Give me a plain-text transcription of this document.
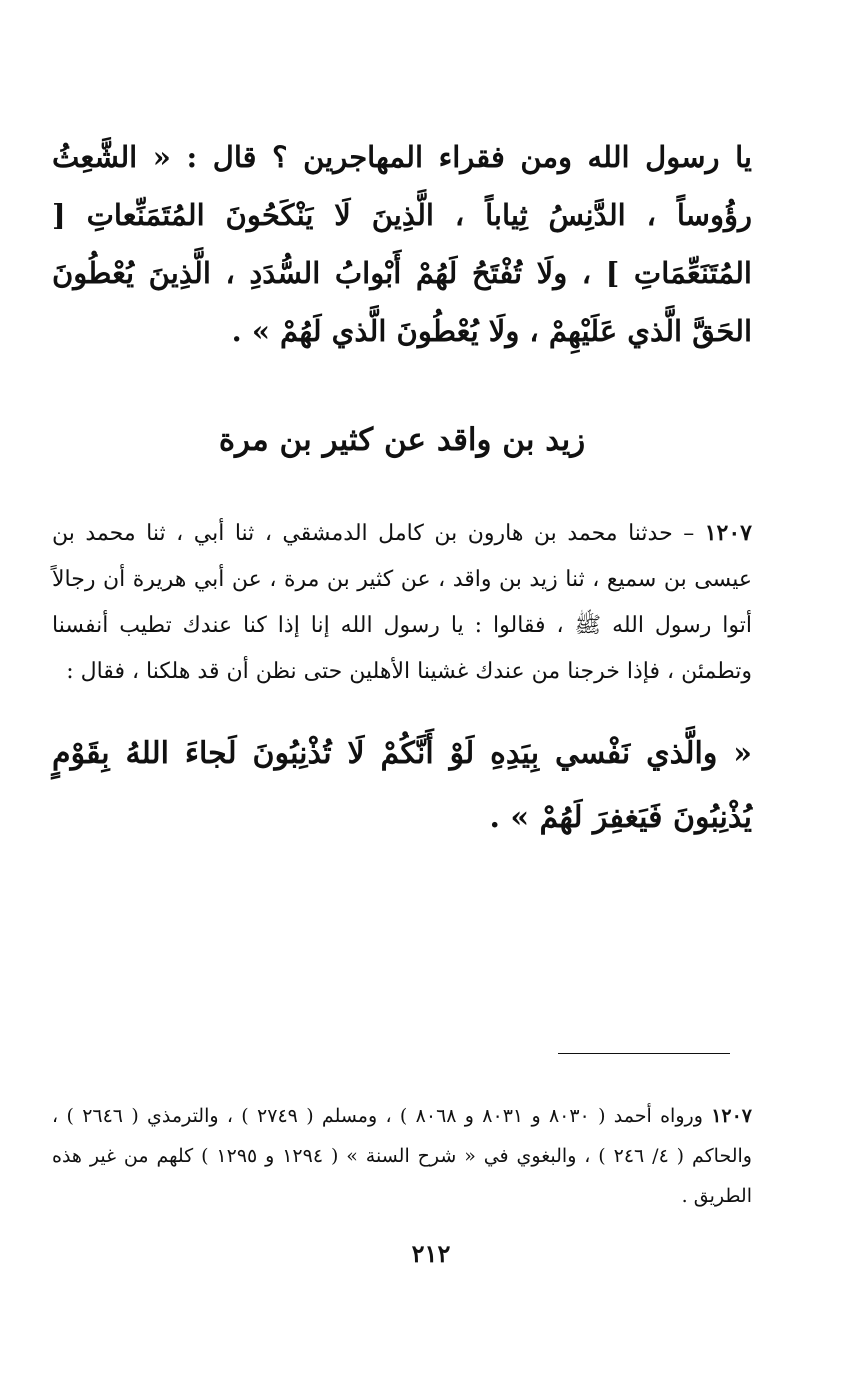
يا رسول الله ومن فقراء المهاجرين ؟ قال : « الشَّعِثُ رؤُوساً ، الدَّنِسُ ثِياباً ، الَّذِينَ لَا يَنْكَحُونَ المُتَمَنِّعاتِ [ المُتَنَعِّمَاتِ ] ، ولَا تُفْتَحُ لَهُمْ أَبْوابُ السُّدَدِ ، الَّذِينَ يُعْطُونَ الحَقَّ الَّذي عَلَيْهِمْ ، ولَا يُعْطُونَ الَّذي لَهُمْ » .
زيد بن واقد عن كثير بن مرة
١٢٠٧ – حدثنا محمد بن هارون بن كامل الدمشقي ، ثنا أبي ، ثنا محمد بن عيسى بن سميع ، ثنا زيد بن واقد ، عن كثير بن مرة ، عن أبي هريرة أن رجالاً أتوا رسول الله ﷺ ، فقالوا : يا رسول الله إنا إذا كنا عندك تطيب أنفسنا وتطمئن ، فإذا خرجنا من عندك غشينا الأهلين حتى نظن أن قد هلكنا ، فقال :
« والَّذي نَفْسي بِيَدِهِ لَوْ أَنَّكُمْ لَا تُذْنِبُونَ لَجاءَ اللهُ بِقَوْمٍ يُذْنِبُونَ فَيَغفِرَ لَهُمْ » .
١٢٠٧ ورواه أحمد ( ٨٠٣٠ و ٨٠٣١ و ٨٠٦٨ ) ، ومسلم ( ٢٧٤٩ ) ، والترمذي ( ٢٦٤٦ ) ، والحاكم ( ٤/ ٢٤٦ ) ، والبغوي في « شرح السنة » ( ١٢٩٤ و ١٢٩٥ ) كلهم من غير هذه الطريق .
٢١٢
